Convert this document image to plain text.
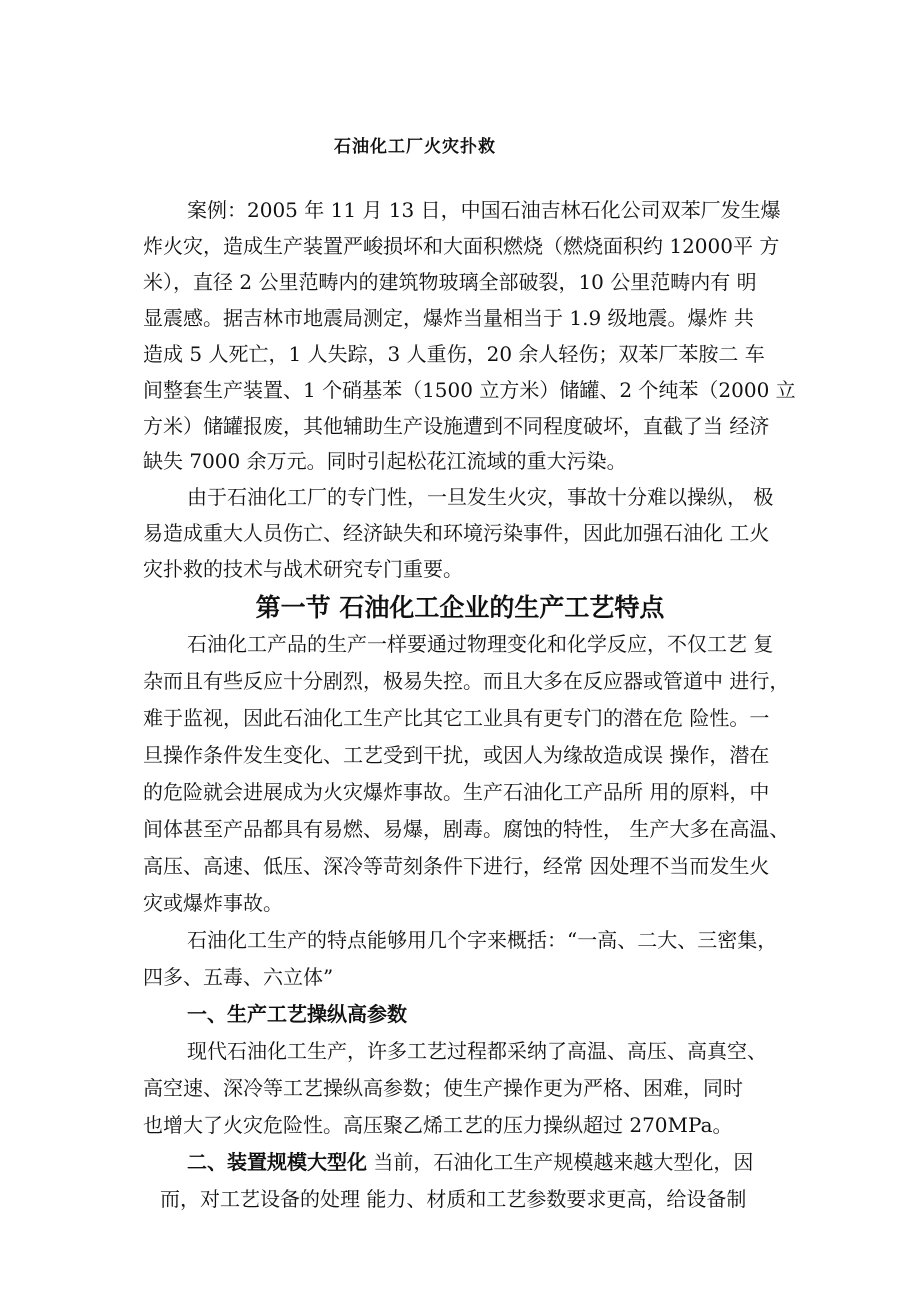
石油化工厂火灾扑救
案例：2005 年 11 月 13 日，中国石油吉林石化公司双苯厂发生爆
炸火灾，造成生产装置严峻损坏和大面积燃烧（燃烧面积约 12000平 方
米），直径 2 公里范畴内的建筑物玻璃全部破裂，10 公里范畴内有 明
显震感。据吉林市地震局测定，爆炸当量相当于 1.9 级地震。爆炸 共
造成 5 人死亡，1 人失踪，3 人重伤，20 余人轻伤；双苯厂苯胺二 车
间整套生产装置、1 个硝基苯（1500 立方米）储罐、2 个纯苯（2000 立
方米）储罐报废，其他辅助生产设施遭到不同程度破坏，直截了当 经济
缺失 7000 余万元。同时引起松花江流域的重大污染。
由于石油化工厂的专门性，一旦发生火灾，事故十分难以操纵， 极
易造成重大人员伤亡、经济缺失和环境污染事件，因此加强石油化 工火
灾扑救的技术与战术研究专门重要。
第一节 石油化工企业的生产工艺特点
石油化工产品的生产一样要通过物理变化和化学反应，不仅工艺 复
杂而且有些反应十分剧烈，极易失控。而且大多在反应器或管道中 进行，
难于监视，因此石油化工生产比其它工业具有更专门的潜在危 险性。一
旦操作条件发生变化、工艺受到干扰，或因人为缘故造成误 操作，潜在
的危险就会进展成为火灾爆炸事故。生产石油化工产品所 用的原料，中
间体甚至产品都具有易燃、易爆，剧毒。腐蚀的特性， 生产大多在高温、
高压、高速、低压、深冷等苛刻条件下进行，经常 因处理不当而发生火
灾或爆炸事故。
石油化工生产的特点能够用几个字来概括：“一高、二大、三密集，
四多、五毒、六立体”
一、生产工艺操纵高参数
现代石油化工生产，许多工艺过程都采纳了高温、高压、高真空、
高空速、深冷等工艺操纵高参数；使生产操作更为严格、困难，同时
也增大了火灾危险性。高压聚乙烯工艺的压力操纵超过 270MPa。
二、装置规模大型化 当前，石油化工生产规模越来越大型化，因
而，对工艺设备的处理 能力、材质和工艺参数要求更高，给设备制
